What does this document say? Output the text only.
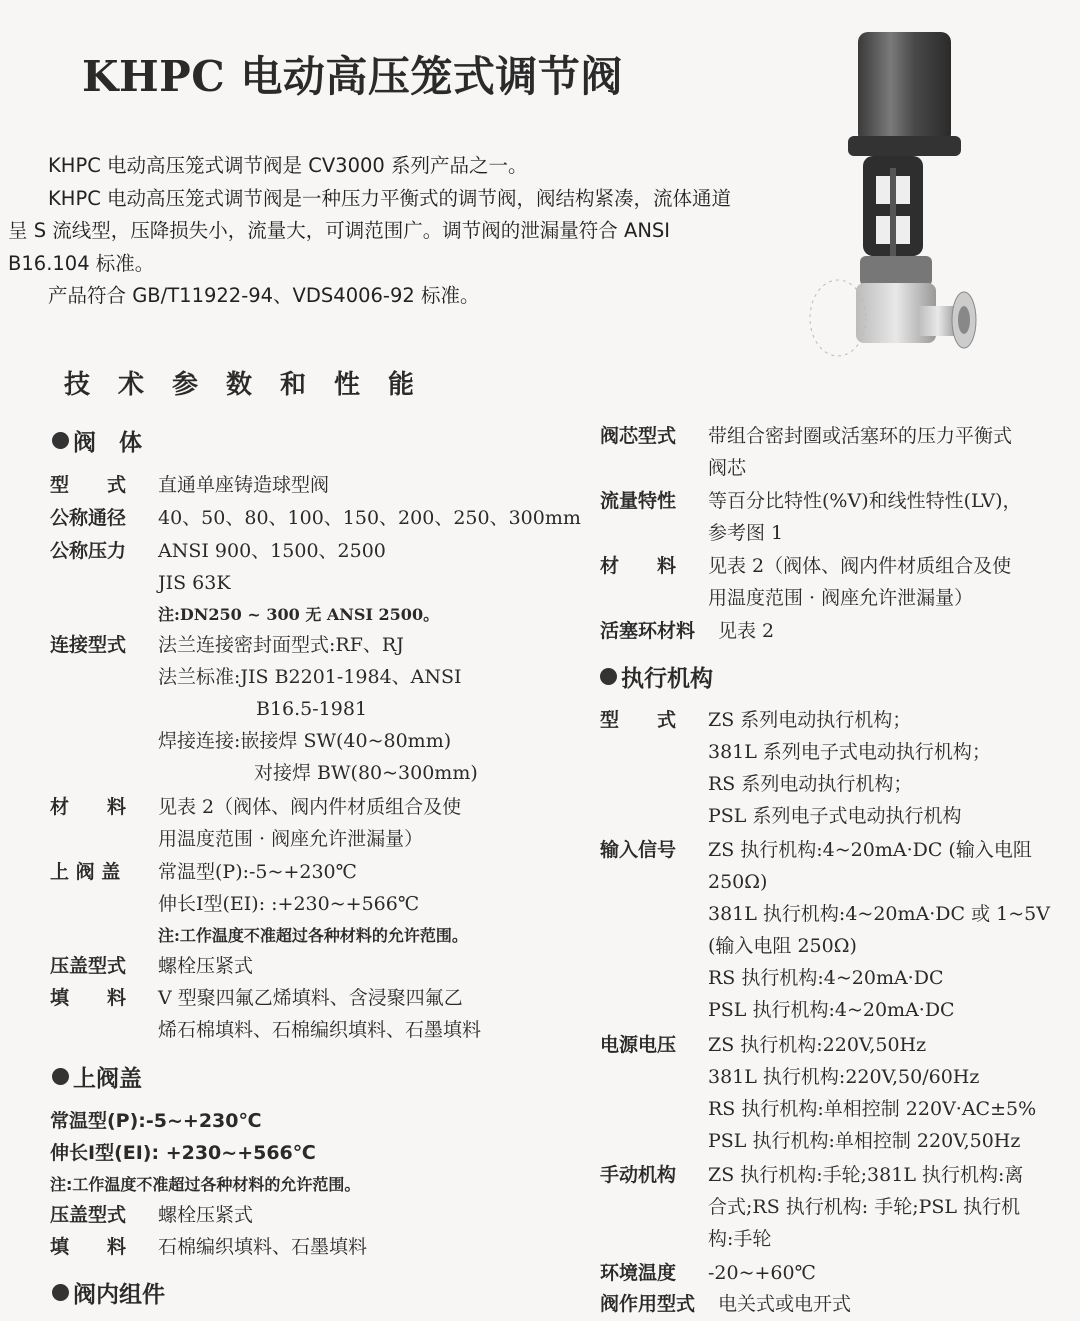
KHPC 电动高压笼式调节阀

KHPC 电动高压笼式调节阀是 CV3000 系列产品之一。

KHPC 电动高压笼式调节阀是一种压力平衡式的调节阀，阀结构紧凑，流体通道呈 S 流线型，压降损失小，流量大，可调范围广。调节阀的泄漏量符合 ANSI B16.104 标准。

产品符合 GB/T11922-94、VDS4006-92 标准。

技术参数和性能
阀　体
型　　式	直通单座铸造球型阀
公称通径	40、50、80、100、150、200、250、300mm
公称压力	ANSI 900、1500、2500
JIS 63K
注:DN250 ~ 300 无 ANSI 2500。
连接型式	法兰连接密封面型式:RF、RJ
法兰标准:JIS B2201-1984、ANSI
B16.5-1981
焊接连接:嵌接焊 SW(40~80mm)
对接焊 BW(80~300mm)
材　　料	见表 2（阀体、阀内件材质组合及使
用温度范围 · 阀座允许泄漏量）
上 阀 盖	常温型(P):-5~+230℃
伸长Ⅰ型(EⅠ): :+230~+566℃
注:工作温度不准超过各种材料的允许范围。
压盖型式	螺栓压紧式
填　　料	V 型聚四氟乙烯填料、含浸聚四氟乙
烯石棉填料、石棉编织填料、石墨填料
上阀盖
常温型(P):-5~+230℃
伸长Ⅰ型(EⅠ): +230~+566℃
注:工作温度不准超过各种材料的允许范围。
压盖型式	螺栓压紧式
填　　料	石棉编织填料、石墨填料
阀内组件
阀芯型式	带组合密封圈或活塞环的压力平衡式
阀芯
流量特性	等百分比特性(%V)和线性特性(LV)，
参考图 1
材　　料	见表 2（阀体、阀内件材质组合及使
用温度范围 · 阀座允许泄漏量）
活塞环材料	见表 2
执行机构
型　　式	ZS 系列电动执行机构；
381L 系列电子式电动执行机构；
RS 系列电动执行机构；
PSL 系列电子式电动执行机构
输入信号	ZS 执行机构:4~20mA·DC (输入电阻
250Ω)
381L 执行机构:4~20mA·DC 或 1~5V
(输入电阻 250Ω)
RS 执行机构:4~20mA·DC
PSL 执行机构:4~20mA·DC
电源电压	ZS 执行机构:220V,50Hz
381L 执行机构:220V,50/60Hz
RS 执行机构:单相控制 220V·AC±5%
PSL 执行机构:单相控制 220V,50Hz
手动机构	ZS 执行机构:手轮;381L 执行机构:离
合式;RS 执行机构: 手轮;PSL 执行机
构:手轮
环境温度	-20~+60℃
阀作用型式	电关式或电开式
